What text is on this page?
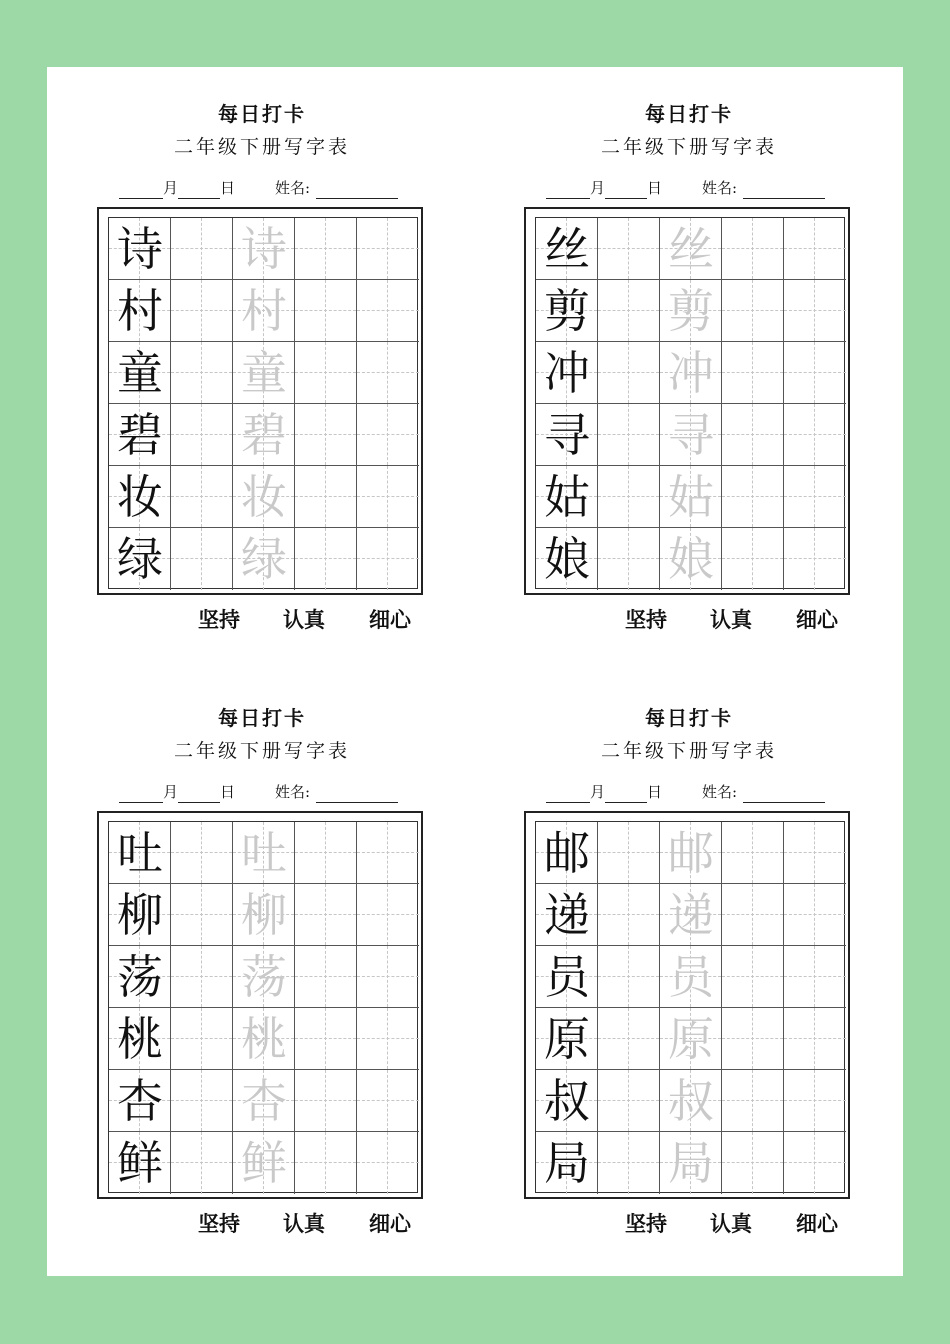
每日打卡
二年级下册写字表
月	日	姓名:
诗 诗
村 村
童 童
碧 碧
妆 妆
绿 绿
坚持 认真 细心
每日打卡
二年级下册写字表
月	日	姓名:
丝 丝
剪 剪
冲 冲
寻 寻
姑 姑
娘 娘
坚持 认真 细心
每日打卡
二年级下册写字表
月	日	姓名:
吐 吐
柳 柳
荡 荡
桃 桃
杏 杏
鲜 鲜
坚持 认真 细心
每日打卡
二年级下册写字表
月	日	姓名:
邮 邮
递 递
员 员
原 原
叔 叔
局 局
坚持 认真 细心
